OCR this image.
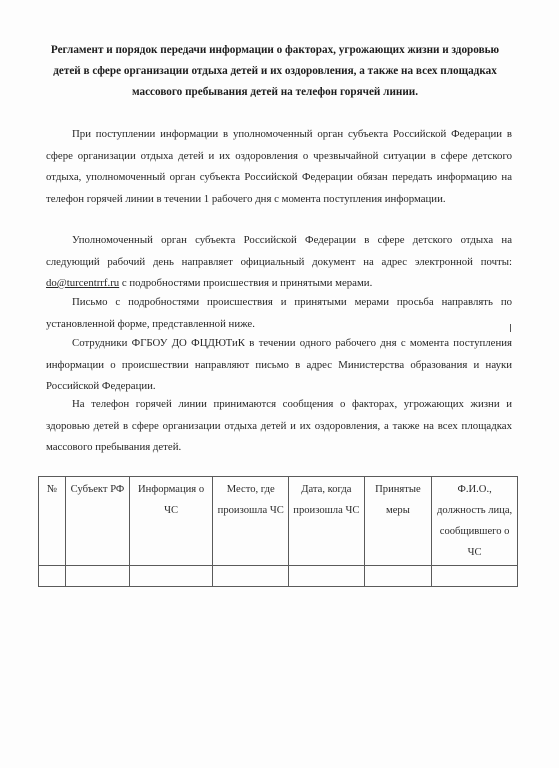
Регламент и порядок передачи информации о факторах, угрожающих жизни и здоровью детей в сфере организации отдыха детей и их оздоровления, а также на всех площадках массового пребывания детей на телефон горячей линии.
При поступлении информации в уполномоченный орган субъекта Российской Федерации в сфере организации отдыха детей и их оздоровления о чрезвычайной ситуации в сфере детского отдыха, уполномоченный орган субъекта Российской Федерации обязан передать информацию на телефон горячей линии в течении 1 рабочего дня с момента поступления информации.
Уполномоченный орган субъекта Российской Федерации в сфере детского отдыха на следующий рабочий день направляет официальный документ на адрес электронной почты: do@turcentrrf.ru с подробностями происшествия и принятыми мерами.
Письмо с подробностями происшествия и принятыми мерами просьба направлять по установленной форме, представленной ниже.
Сотрудники ФГБОУ ДО ФЦДЮТиК в течении одного рабочего дня с момента поступления информации о происшествии направляют письмо в адрес Министерства образования и науки Российской Федерации.
На телефон горячей линии принимаются сообщения о факторах, угрожающих жизни и здоровью детей в сфере организации отдыха детей и их оздоровления, а также на всех площадках массового пребывания детей.
№	Субъект РФ	Информация о ЧС	Место, где произошла ЧС	Дата, когда произошла ЧС	Принятые меры	Ф.И.О., должность лица, сообщившего о ЧС
